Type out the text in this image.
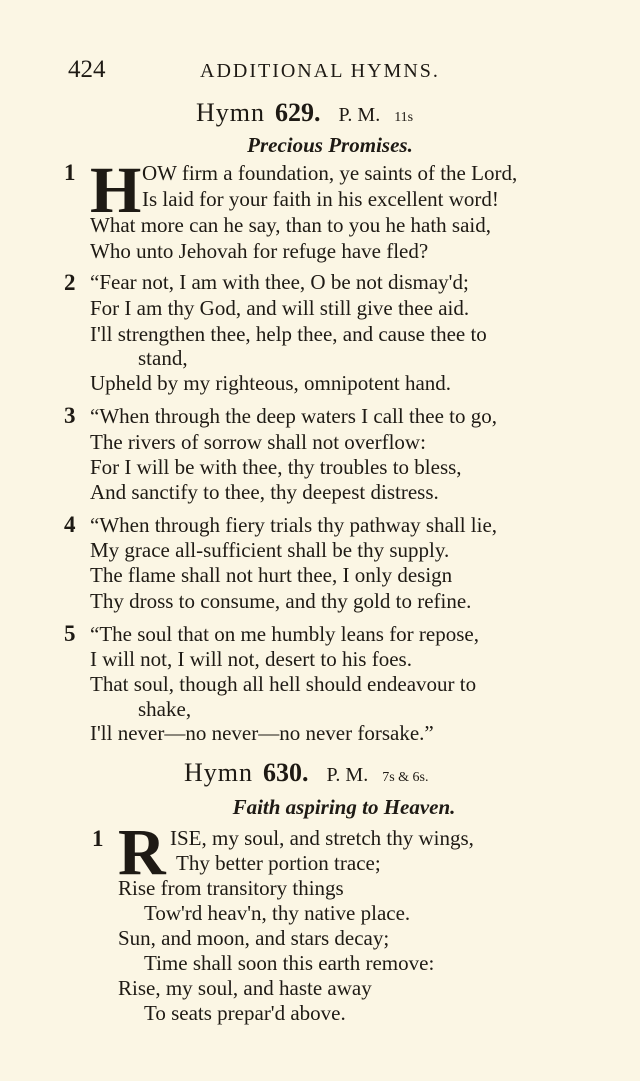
424	ADDITIONAL HYMNS.
Hymn 629. P. M. 11s
Precious Promises.
1 H OW firm a foundation, ye saints of the Lord,
Is laid for your faith in his excellent word!
What more can he say, than to you he hath said,
Who unto Jehovah for refuge have fled?
2 “Fear not, I am with thee, O be not dismay'd;
For I am thy God, and will still give thee aid.
I'll strengthen thee, help thee, and cause thee to
stand,
Upheld by my righteous, omnipotent hand.
3 “When through the deep waters I call thee to go,
The rivers of sorrow shall not overflow:
For I will be with thee, thy troubles to bless,
And sanctify to thee, thy deepest distress.
4 “When through fiery trials thy pathway shall lie,
My grace all-sufficient shall be thy supply.
The flame shall not hurt thee, I only design
Thy dross to consume, and thy gold to refine.
5 “The soul that on me humbly leans for repose,
I will not, I will not, desert to his foes.
That soul, though all hell should endeavour to
shake,
I'll never—no never—no never forsake.”
Hymn 630. P. M. 7s & 6s.
Faith aspiring to Heaven.
1 R ISE, my soul, and stretch thy wings,
Thy better portion trace;
Rise from transitory things
Tow'rd heav'n, thy native place.
Sun, and moon, and stars decay;
Time shall soon this earth remove:
Rise, my soul, and haste away
To seats prepar'd above.
